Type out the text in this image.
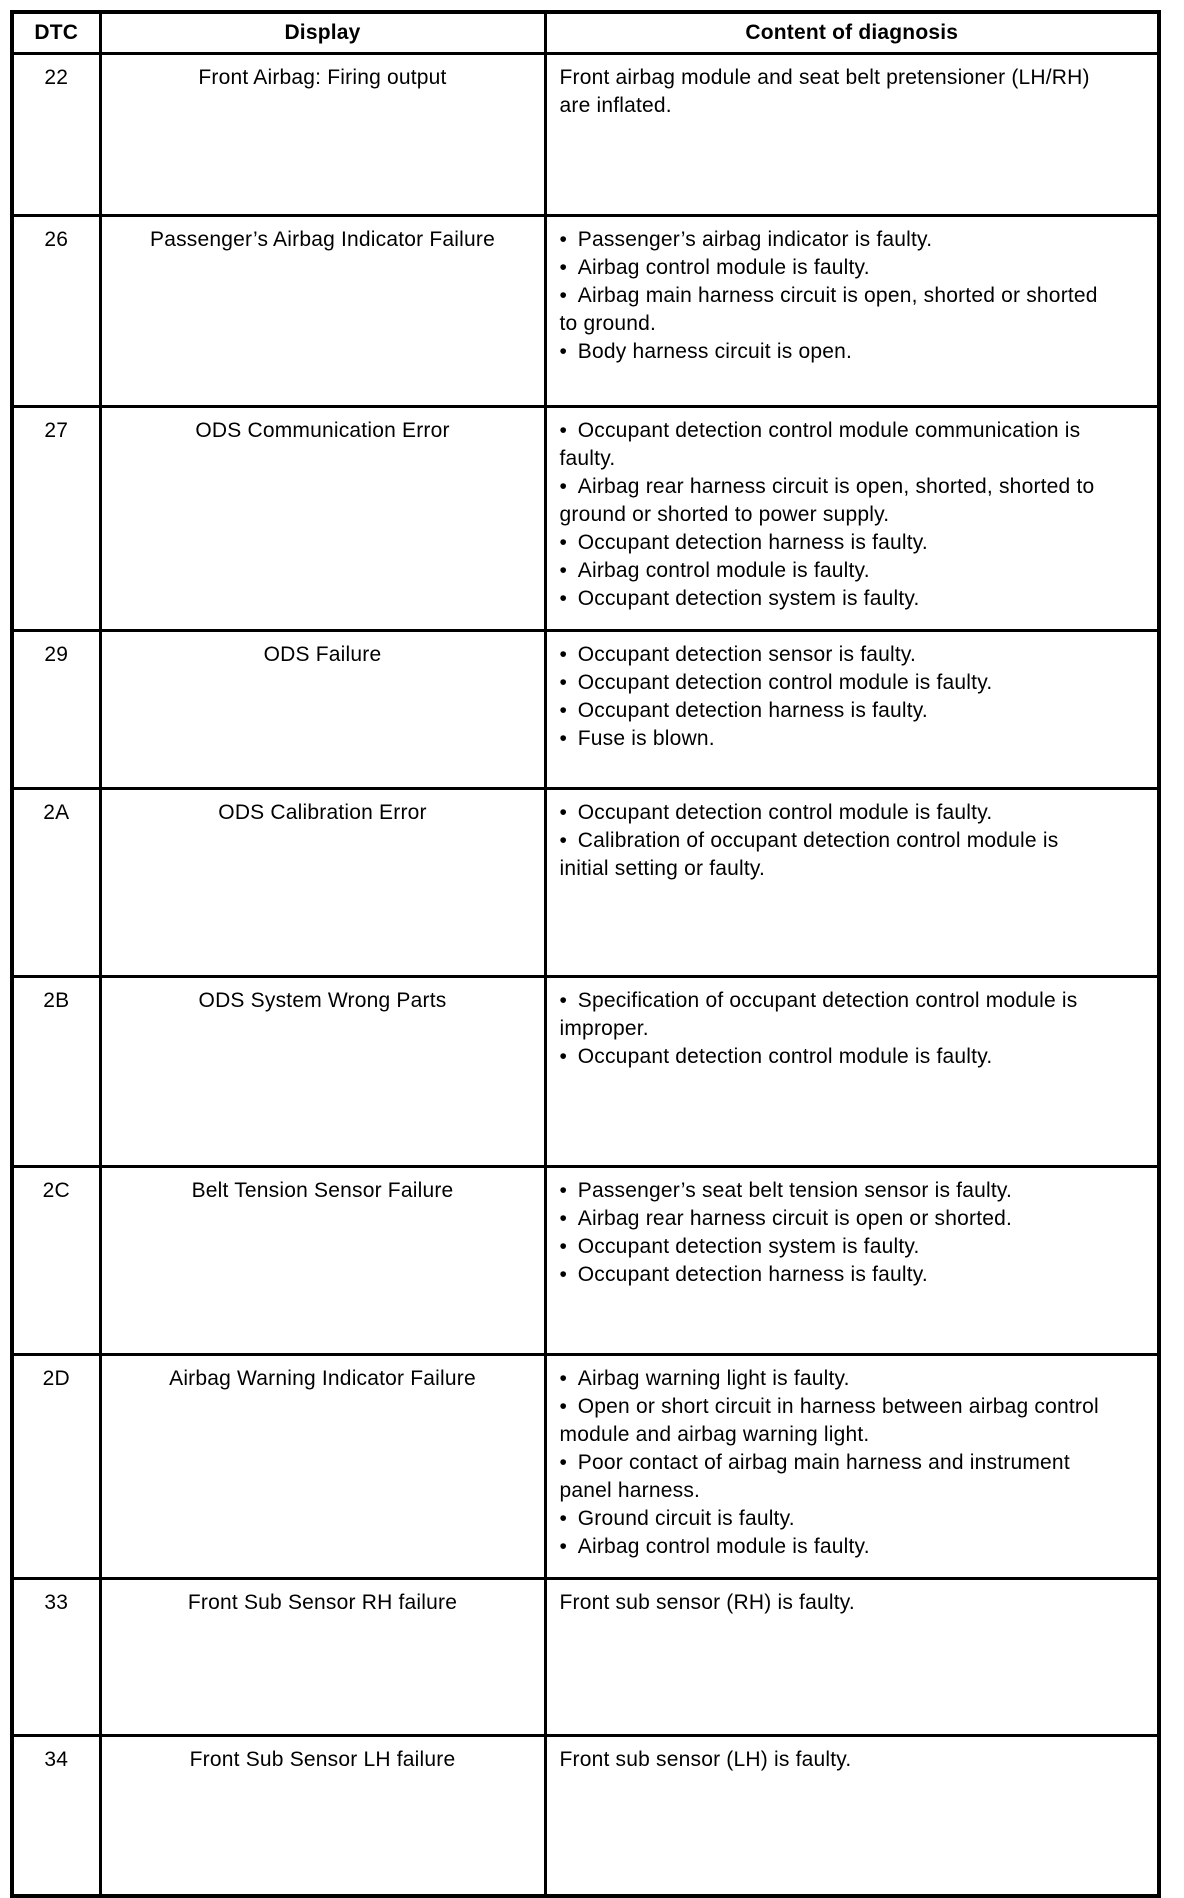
DTC	Display	Content of diagnosis
22	Front Airbag: Firing output	Front airbag module and seat belt pretensioner (LH/RH) are inflated.

26	Passenger’s Airbag Indicator Failure	• Passenger’s airbag indicator is faulty.
• Airbag control module is faulty.
• Airbag main harness circuit is open, shorted or shorted to ground.
• Body harness circuit is open.

27	ODS Communication Error	• Occupant detection control module communication is faulty.
• Airbag rear harness circuit is open, shorted, shorted to ground or shorted to power supply.
• Occupant detection harness is faulty.
• Airbag control module is faulty.
• Occupant detection system is faulty.

29	ODS Failure	• Occupant detection sensor is faulty.
• Occupant detection control module is faulty.
• Occupant detection harness is faulty.
• Fuse is blown.

2A	ODS Calibration Error	• Occupant detection control module is faulty.
• Calibration of occupant detection control module is initial setting or faulty.

2B	ODS System Wrong Parts	• Specification of occupant detection control module is improper.
• Occupant detection control module is faulty.

2C	Belt Tension Sensor Failure	• Passenger’s seat belt tension sensor is faulty.
• Airbag rear harness circuit is open or shorted.
• Occupant detection system is faulty.
• Occupant detection harness is faulty.

2D	Airbag Warning Indicator Failure	• Airbag warning light is faulty.
• Open or short circuit in harness between airbag control module and airbag warning light.
• Poor contact of airbag main harness and instrument panel harness.
• Ground circuit is faulty.
• Airbag control module is faulty.

33	Front Sub Sensor RH failure	Front sub sensor (RH) is faulty.

34	Front Sub Sensor LH failure	Front sub sensor (LH) is faulty.
